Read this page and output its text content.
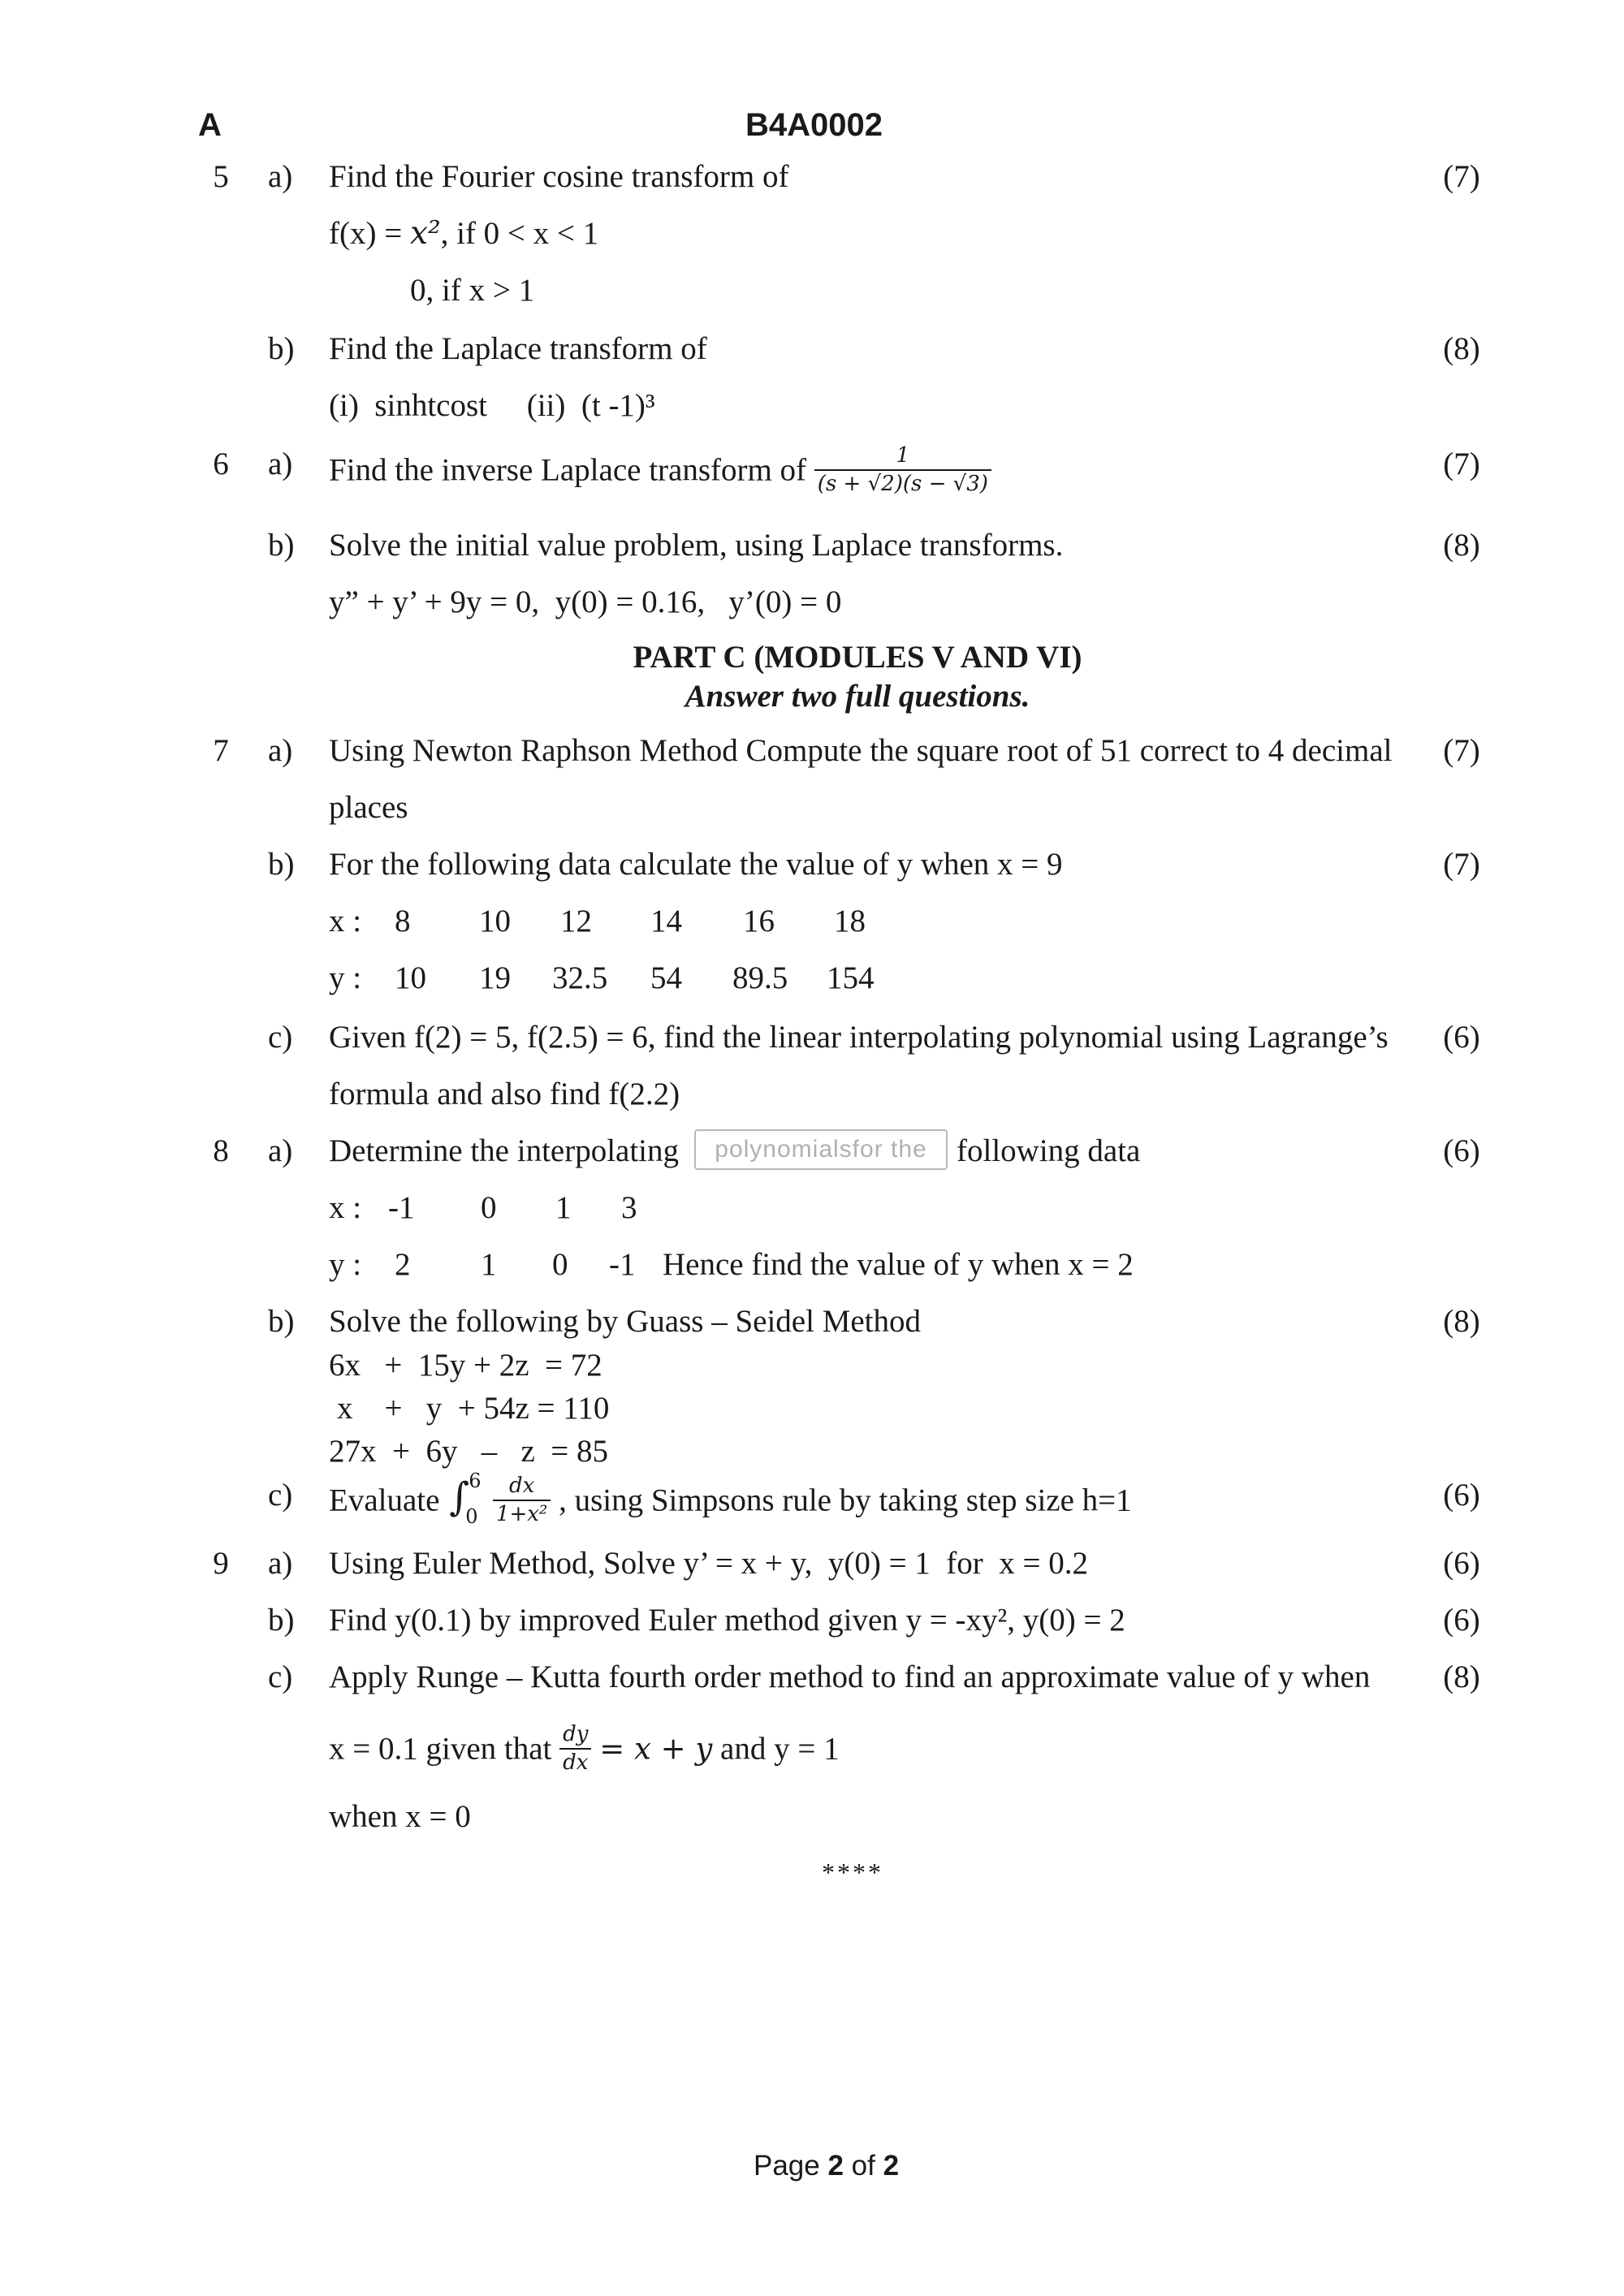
A	B4A0002
5 a) Find the Fourier cosine transform of	(7)
f(x) = x², if 0 < x < 1
0, if x > 1
b) Find the Laplace transform of	(8)
(i)  sinhtcost     (ii)  (t -1)³
6 a) Find the inverse Laplace transform of $\frac{1}{(s + √2)(s - √3)}$	(7)
b) Solve the initial value problem, using Laplace transforms.	(8)
y” + y’ + 9y = 0,  y(0) = 0.16,   y’(0) = 0
PART C (MODULES V AND VI)
Answer two full questions.
7 a) Using Newton Raphson Method Compute the square root of 51 correct to 4 decimal	(7)
places
b) For the following data calculate the value of y when x = 9	(7)
x : 8 10 12 14 16 18
y : 10 19 32.5 54 89.5 154
c) Given f(2) = 5, f(2.5) = 6, find the linear interpolating polynomial using Lagrange’s	(6)
formula and also find f(2.2)
8 a) Determine the interpolating	polynomialsfor the following data	(6)
x : -1 0 1 3
y : 2 1 0 -1 Hence find the value of y when x = 2
b) Solve the following by Guass – Seidel Method	(8)
6x   +  15y + 2z  = 72
x    +   y  + 54z = 110
27x  +  6y   –   z  = 85
c) Evaluate ∫
6
0
$\frac{dx}{\text{1+x²}}$ , using Simpsons rule by taking step size h=1	(6)
9 a) Using Euler Method, Solve y’ = x + y,  y(0) = 1  for  x = 0.2	(6)
b) Find y(0.1) by improved Euler method given y = -xy², y(0) = 2	(6)
c) Apply Runge – Kutta fourth order method to find an approximate value of y when	(8)
x = 0.1 given that $\frac{dy}{dx} = x + y$ and y = 1
when x = 0
****
Page 2 of 2
